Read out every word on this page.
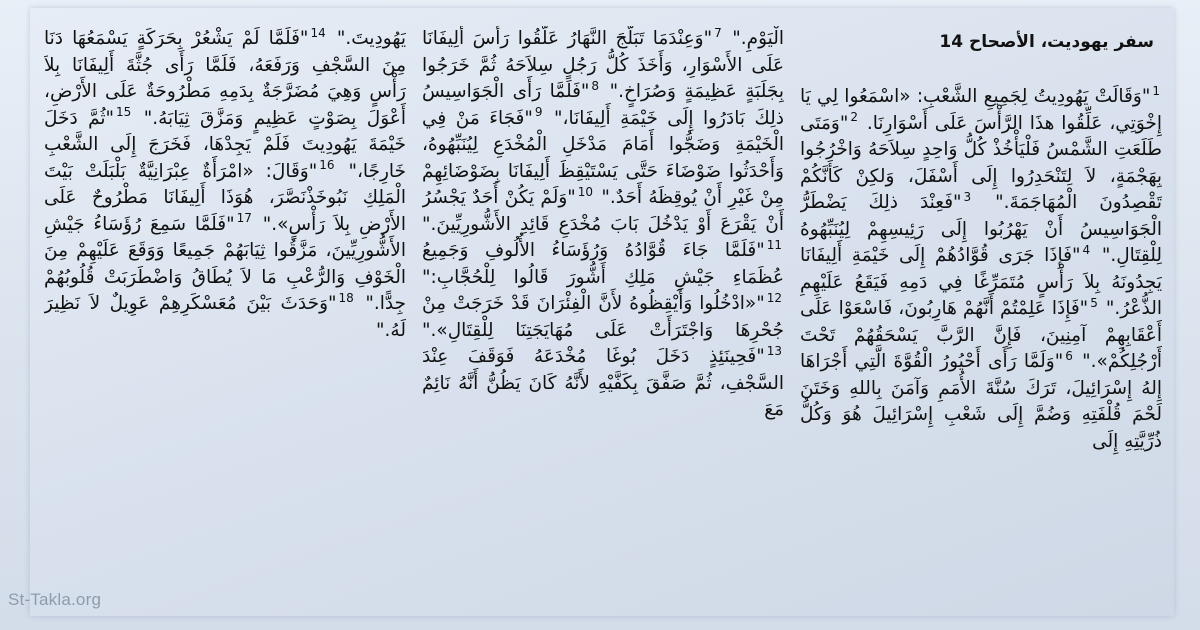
سفر يهوديت، الأصحاح 14
$^1$"وَقَالَتْ يَهُودِيتُ لِجَمِيعِ الشَّعْبِ: «اسْمَعُوا لِي يَا إِخْوَتِي، عَلِّقُوا هذَا الرَّأْسَ عَلَى أَسْوَارِنَا. $^2$"وَمَتَى طَلَعَتِ الشَّمْسُ فَلْيَأْخُذْ كُلُّ وَاحِدٍ سِلاَحَهُ وَاخْرُجُوا بِهَجْمَةٍ، لاَ لِتَنْحَدِرُوا إِلَى أَسْفَلَ، وَلكِنْ كَأَنَّكُمْ تَقْصِدُونَ الْمُهَاجَمَةَ." $^3$"فَعِنْدَ ذلِكَ يَضْطَرُّ الْجَوَاسِيسُ أَنْ يَهْرُبُوا إِلَى رَئِيسِهِمْ لِيُنَبِّهُوهُ لِلْقِتَالِ." $^4$"فَإِذَا جَرَى قُوَّادُهُمْ إِلَى خَيْمَةِ أَلِيفَانَا يَجِدُونَهُ بِلاَ رَأْسٍ مُتَمَرِّغًا فِي دَمِهِ فَيَقَعُ عَلَيْهِمِ الذُّعْرُ." $^5$"فَإِذَا عَلِمْتُمْ أَنَّهُمْ هَارِبُونَ، فَاسْعَوْا عَلَى أَعْقَابِهِمْ آمِنِينَ، فَإِنَّ الرَّبَّ يَسْحَقُهُمْ تَحْتَ أَرْجُلِكُمْ»." $^6$"وَلَمَّا رَأَى أَحْيُورُ الْقُوَّةَ الَّتِي أَجْرَاهَا إِلهُ إِسْرَائِيلَ، تَرَكَ سُنَّةَ الأُمَمِ وَآمَنَ بِاللهِ وَخَتَنَ لَحْمَ قُلْفَتِهِ وَضُمَّ إِلَى شَعْبِ إِسْرَائِيلَ هُوَ وَكُلُّ ذُرِّيَّتِهِ إِلَى
الْيَوْمِ." $^7$"وَعِنْدَمَا تَبَلَّجَ النَّهَارُ عَلَّقُوا رَأْسَ أَلِيفَانَا عَلَى الأَسْوَارِ، وَأَخَذَ كُلُّ رَجُلٍ سِلاَحَهُ ثُمَّ خَرَجُوا بِجَلَبَةٍ عَظِيمَةٍ وَصُرَاخٍ." $^8$"فَلَمَّا رَأَى الْجَوَاسِيسُ ذلِكَ بَادَرُوا إِلَى خَيْمَةِ أَلِيفَانَا،" $^9$"فَجَاءَ مَنْ فِي الْخَيْمَةِ وَضَجُّوا أَمَامَ مَدْخَلِ الْمُخْدَعِ لِيُنَبِّهُوهُ، وَأَحْدَثُوا ضَوْضَاءَ حَتَّى يَسْتَيْقِظَ أَلِيفَانَا بِضَوْضَائِهِمْ مِنْ غَيْرِ أَنْ يُوقِظَهُ أَحَدٌ." $^{10}$"وَلَمْ يَكُنْ أَحَدٌ يَجْسُرُ أَنْ يَقْرَعَ أَوْ يَدْخُلَ بَابَ مُخْدَعِ قَائِدِ الأَشُّورِيِّينَ." $^{11}$"فَلَمَّا جَاءَ قُوَّادُهُ وَرُؤَسَاءُ الأُلُوفِ وَجَمِيعُ عُظَمَاءِ جَيْشِ مَلِكِ أَشُّورَ قَالُوا لِلْحُجَّابِ:" $^{12}$"«ادْخُلُوا وَأَيْقِظُوهُ لأَنَّ الْفِئْرَانَ قَدْ خَرَجَتْ مِنْ جُحْرِهَا وَاجْتَرَأَتْ عَلَى مُهَايَجَتِنَا لِلْقِتَالِ»." $^{13}$"فَحِينَئِذٍ دَخَلَ بُوغَا مُخْدَعَهُ فَوَقَفَ عِنْدَ السَّجْفِ، ثُمَّ صَفَّقَ بِكَفَّيْهِ لأَنَّهُ كَانَ يَظُنُّ أَنَّهُ نَائِمٌ مَعَ
يَهُودِيتَ." $^{14}$"فَلَمَّا لَمْ يَشْعُرْ بِحَرَكَةٍ يَسْمَعُهَا دَنَا مِنَ السَّجْفِ وَرَفَعَهُ، فَلَمَّا رَأَى جُثَّةَ أَلِيفَانَا بِلاَ رَأْسٍ وَهِيَ مُضَرَّجَةٌ بِدَمِهِ مَطْرُوحَةٌ عَلَى الأَرْضِ، أَعْوَلَ بِصَوْتٍ عَظِيمٍ وَمَزَّقَ ثِيَابَهُ." $^{15}$"ثُمَّ دَخَلَ خَيْمَةَ يَهُودِيتَ فَلَمْ يَجِدْهَا، فَخَرَجَ إِلَى الشَّعْبِ خَارِجًا،" $^{16}$"وَقَالَ: «امْرَأَةٌ عِبْرَانِيَّةٌ بَلْبَلَتْ بَيْتَ الْمَلِكِ نَبُوخَذْنَصَّرَ، هُوَذَا أَلِيفَانَا مَطْرُوحٌ عَلَى الأَرْضِ بِلاَ رَأْسٍ»." $^{17}$"فَلَمَّا سَمِعَ رُؤَسَاءُ جَيْشِ الأَشُّورِيِّينَ، مَزَّقُوا ثِيَابَهُمْ جَمِيعًا وَوَقَعَ عَلَيْهِمْ مِنَ الْخَوْفِ وَالرُّعْبِ مَا لاَ يُطَاقُ وَاضْطَرَبَتْ قُلُوبُهُمْ جِدًّا." $^{18}$"وَحَدَثَ بَيْنَ مُعَسْكَرِهِمْ عَوِيلٌ لاَ نَظِيرَ لَهُ."
St-Takla.org
